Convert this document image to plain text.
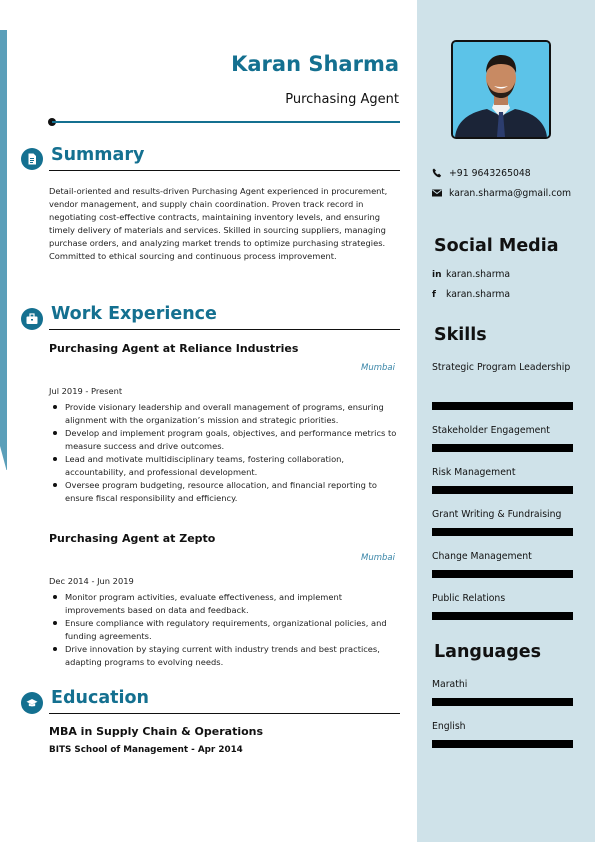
Karan Sharma
Purchasing Agent
Summary
Detail-oriented and results-driven Purchasing Agent experienced in procurement, vendor management, and supply chain coordination. Proven track record in negotiating cost-effective contracts, maintaining inventory levels, and ensuring timely delivery of materials and services. Skilled in sourcing suppliers, managing purchase orders, and analyzing market trends to optimize purchasing strategies. Committed to ethical sourcing and continuous process improvement.
Work Experience
Purchasing Agent at Reliance Industries
Mumbai
Jul 2019 - Present
Provide visionary leadership and overall management of programs, ensuring alignment with the organization’s mission and strategic priorities.
Develop and implement program goals, objectives, and performance metrics to measure success and drive outcomes.
Lead and motivate multidisciplinary teams, fostering collaboration, accountability, and professional development.
Oversee program budgeting, resource allocation, and financial reporting to ensure fiscal responsibility and efficiency.
Purchasing Agent at Zepto
Mumbai
Dec 2014 - Jun 2019
Monitor program activities, evaluate effectiveness, and implement improvements based on data and feedback.
Ensure compliance with regulatory requirements, organizational policies, and funding agreements.
Drive innovation by staying current with industry trends and best practices, adapting programs to evolving needs.
Education
MBA in Supply Chain & Operations
BITS School of Management - Apr 2014
+91 9643265048
karan.sharma@gmail.com
Social Media
in karan.sharma
f karan.sharma
Skills
Strategic Program Leadership
Stakeholder Engagement
Risk Management
Grant Writing & Fundraising
Change Management
Public Relations
Languages
Marathi
English
